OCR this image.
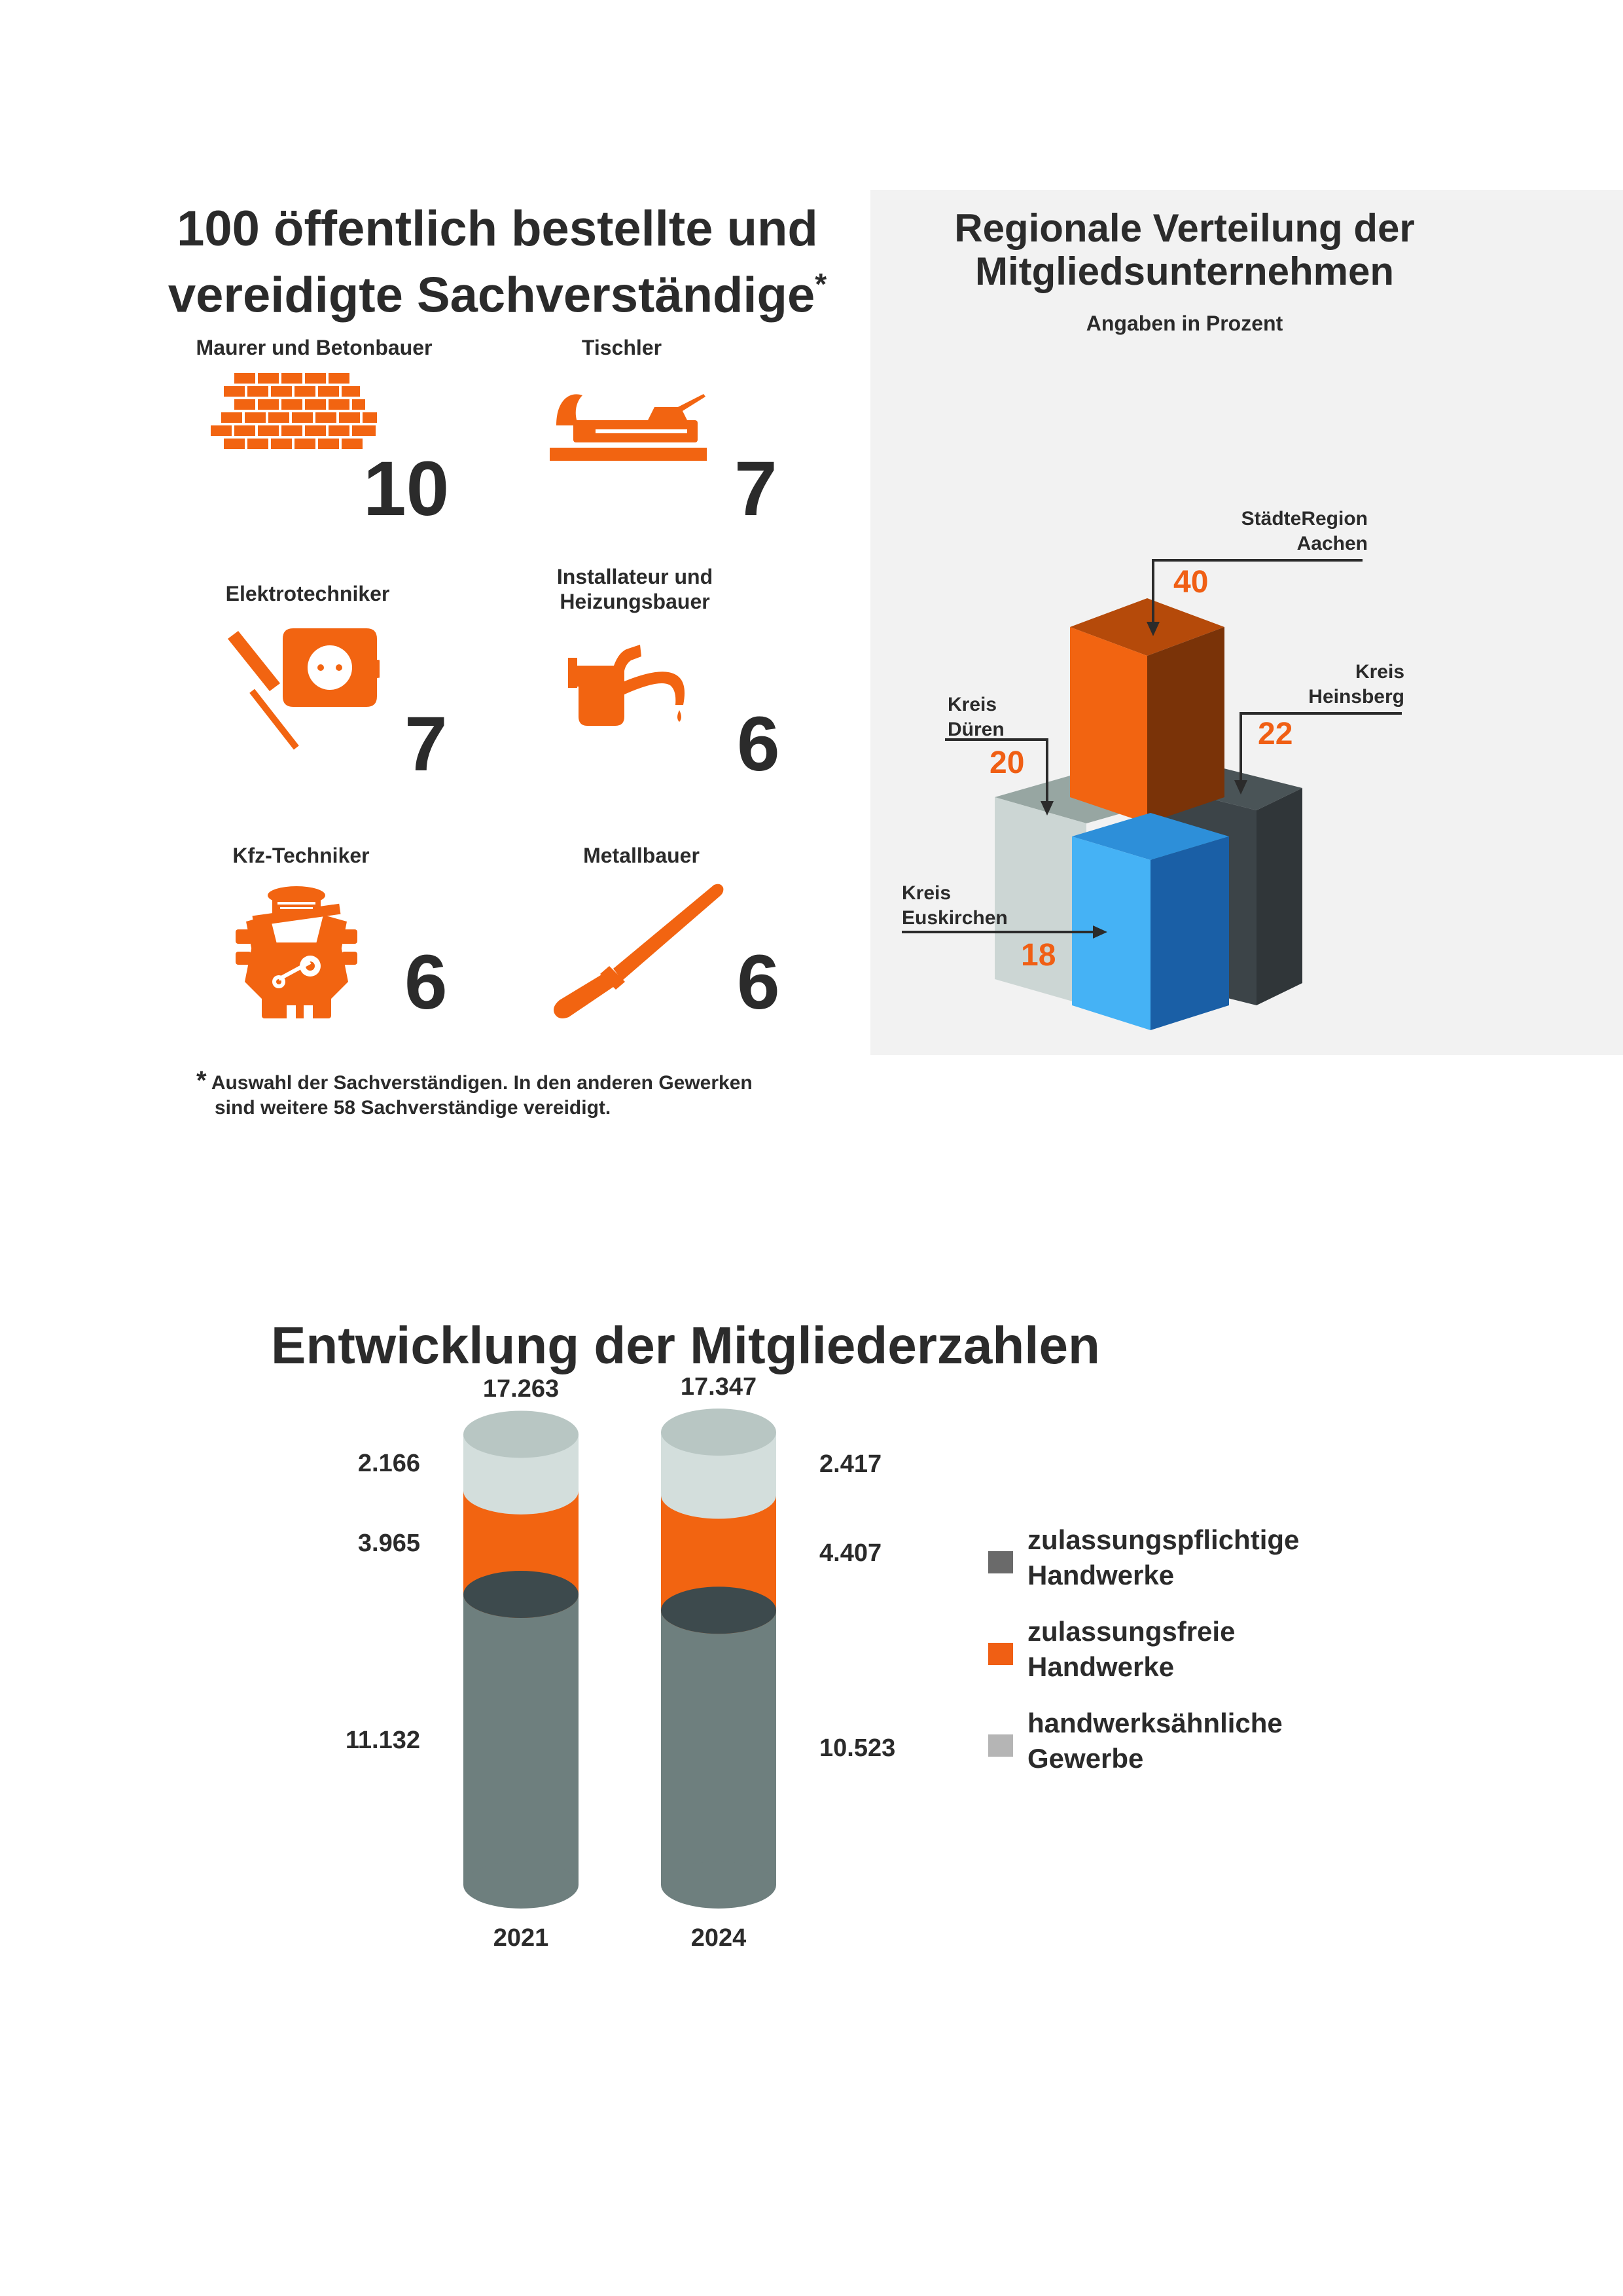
100 öffentlich bestellte und
vereidigte Sachverständige*
Maurer und Betonbauer
10
Tischler
7
Elektrotechniker
7
Installateur und
Heizungsbauer
6
Kfz-Techniker
6
Metallbauer
6
* Auswahl der Sachverständigen. In den anderen Gewerken
sind weitere 58 Sachverständige vereidigt.
Regionale Verteilung der
Mitgliedsunternehmen
Angaben in Prozent
StädteRegion
Aachen
40
Kreis
Heinsberg
22
Kreis
Düren
20
Kreis
Euskirchen
18
Entwicklung der Mitgliederzahlen
17.263
2021
11.132
3.965
2.166
17.347
2024
10.523
4.407
2.417
zulassungspflichtige
Handwerke
zulassungsfreie
Handwerke
handwerksähnliche
Gewerbe
